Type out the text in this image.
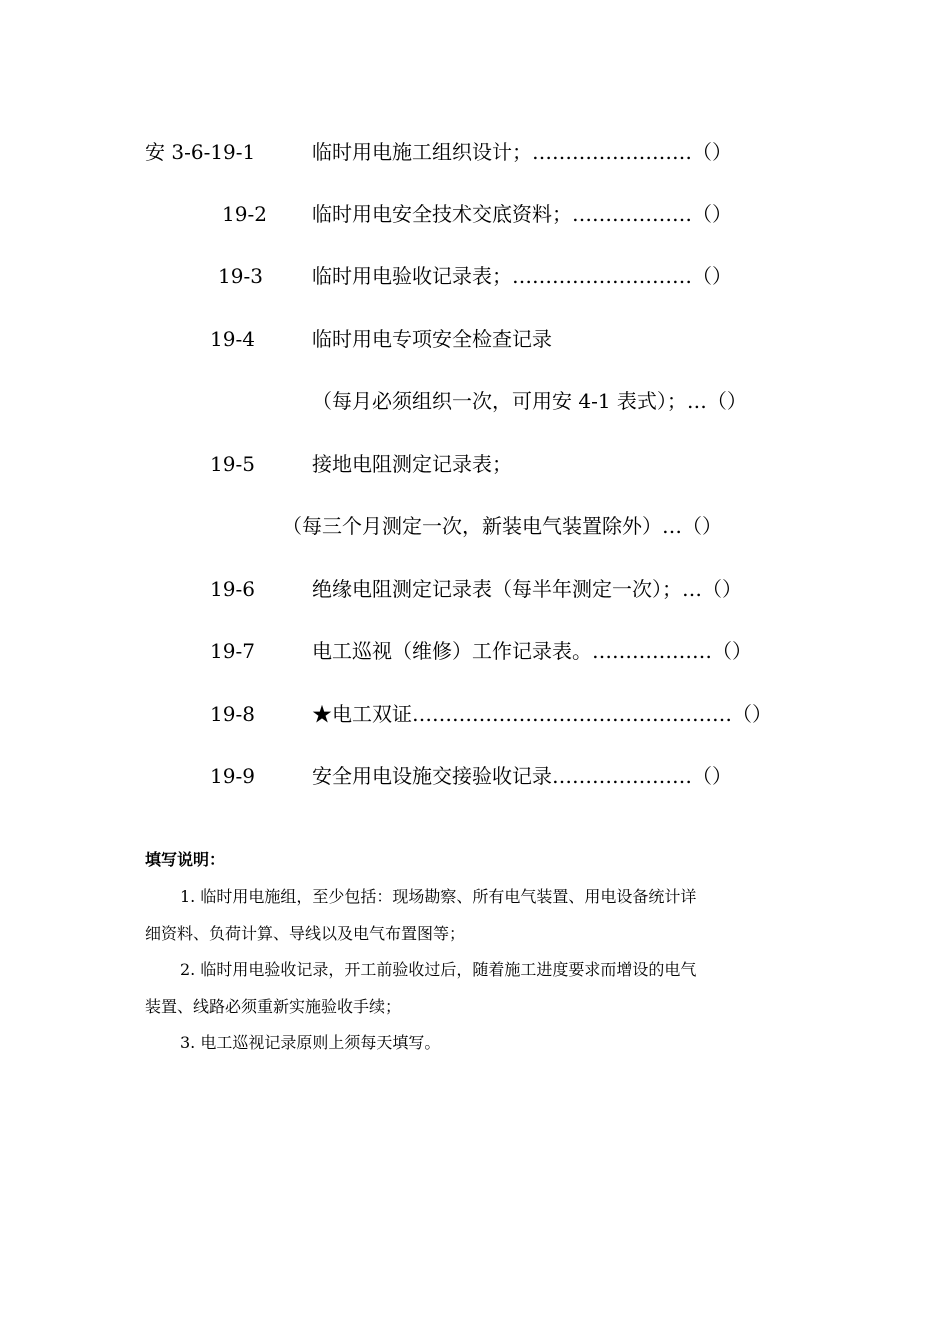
安 3-6-19-1	临时用电施工组织设计；……………………（）
19-2 临时用电安全技术交底资料；………………（）
19-3 临时用电验收记录表；………………………（）
19-4	临时用电专项安全检查记录
（每月必须组织一次，可用安 4-1 表式）；…（）
19-5	接地电阻测定记录表；
（每三个月测定一次，新装电气装置除外）…（）
19-6	绝缘电阻测定记录表（每半年测定一次）；…（）
19-7	电工巡视（维修）工作记录表。………………（）
19-8	★电工双证…………………………………………（）
19-9	安全用电设施交接验收记录…………………（）
填写说明：
1. 临时用电施组，至少包括：现场勘察、所有电气装置、用电设备统计详
细资料、负荷计算、导线以及电气布置图等；
2. 临时用电验收记录，开工前验收过后，随着施工进度要求而增设的电气
装置、线路必须重新实施验收手续；
3. 电工巡视记录原则上须每天填写。
